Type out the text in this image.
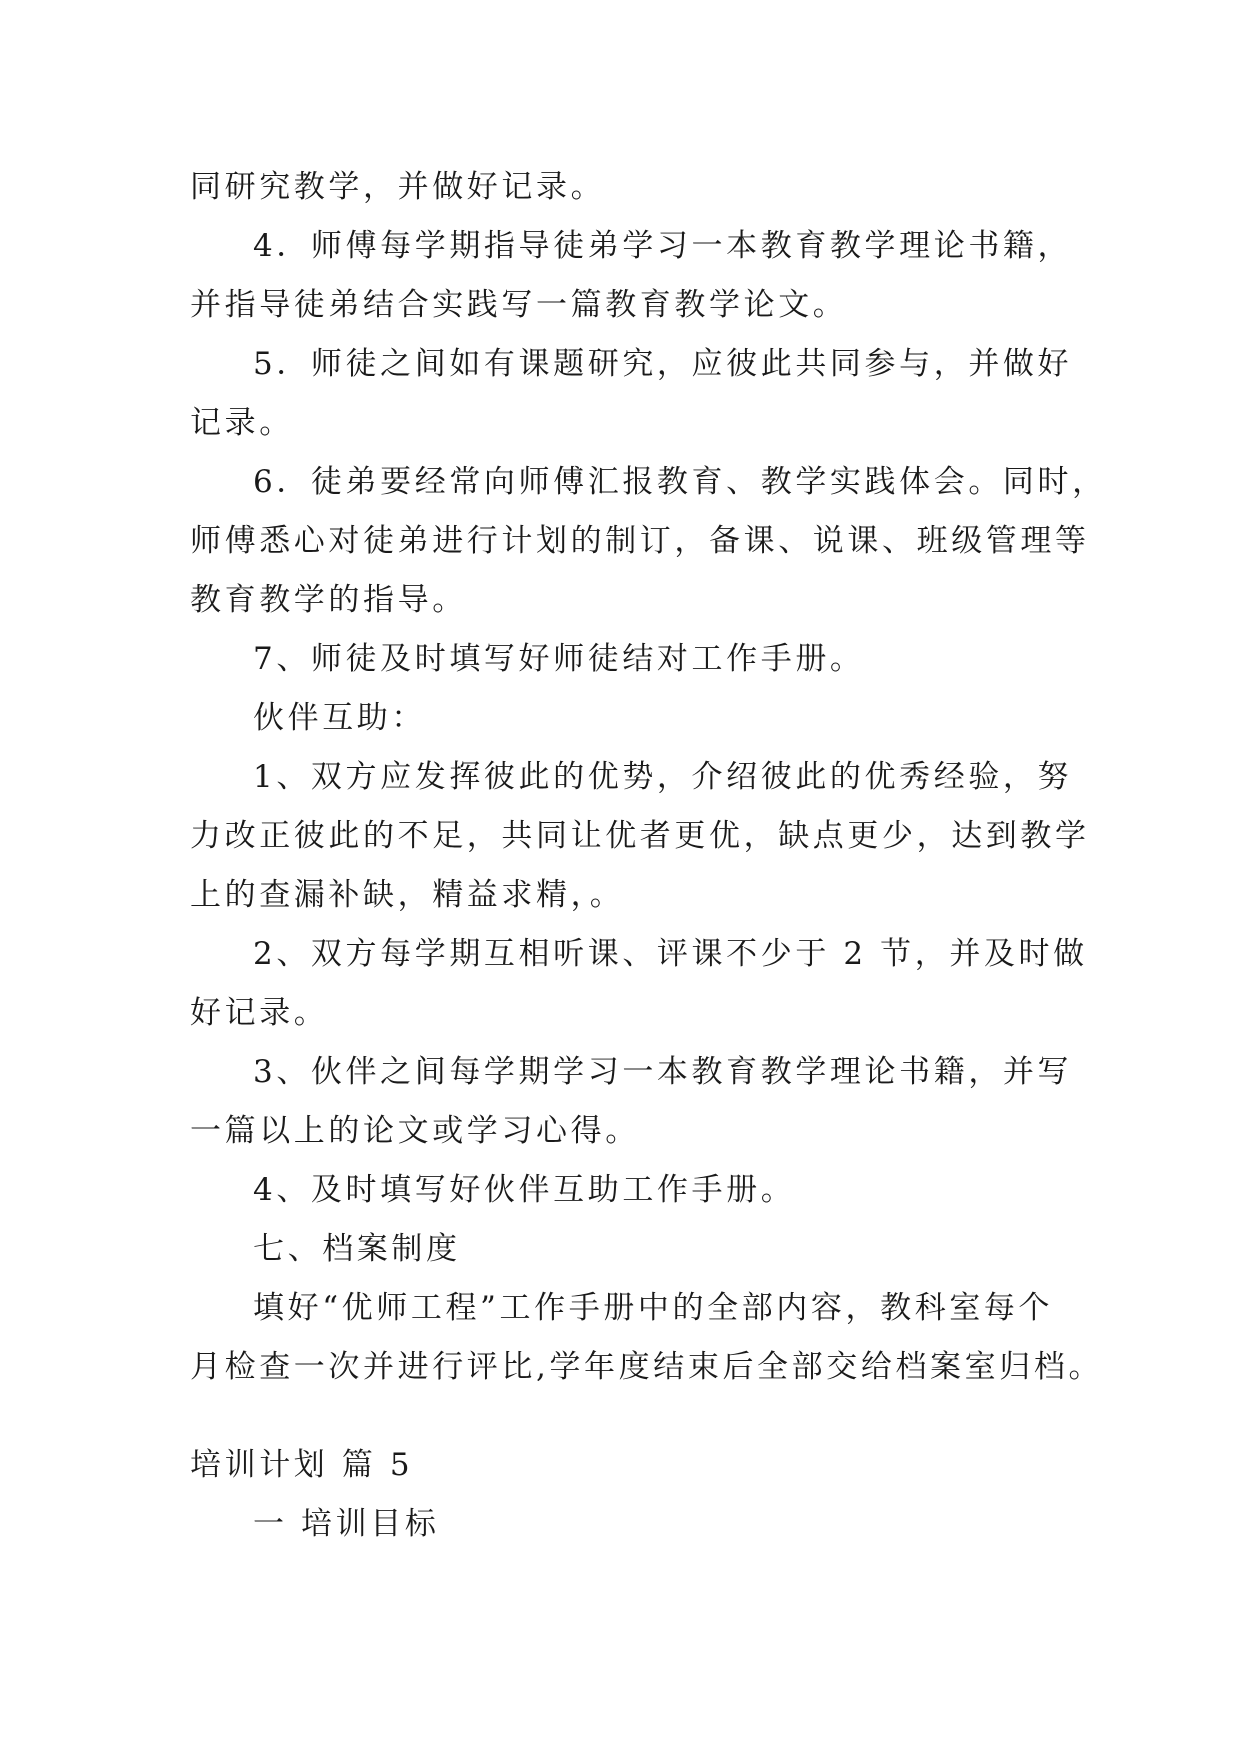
同研究教学，并做好记录。
4．师傅每学期指导徒弟学习一本教育教学理论书籍，
并指导徒弟结合实践写一篇教育教学论文。
5．师徒之间如有课题研究，应彼此共同参与，并做好
记录。
6．徒弟要经常向师傅汇报教育、教学实践体会。同时，
师傅悉心对徒弟进行计划的制订，备课、说课、班级管理等
教育教学的指导。
7、师徒及时填写好师徒结对工作手册。
伙伴互助：
1、双方应发挥彼此的优势，介绍彼此的优秀经验，努
力改正彼此的不足，共同让优者更优，缺点更少，达到教学
上的查漏补缺，精益求精，。
2、双方每学期互相听课、评课不少于 2 节，并及时做
好记录。
3、伙伴之间每学期学习一本教育教学理论书籍，并写
一篇以上的论文或学习心得。
4、及时填写好伙伴互助工作手册。
七、档案制度
填好“优师工程”工作手册中的全部内容，教科室每个
月检查一次并进行评比,学年度结束后全部交给档案室归档。
培训计划 篇 5
一 培训目标
